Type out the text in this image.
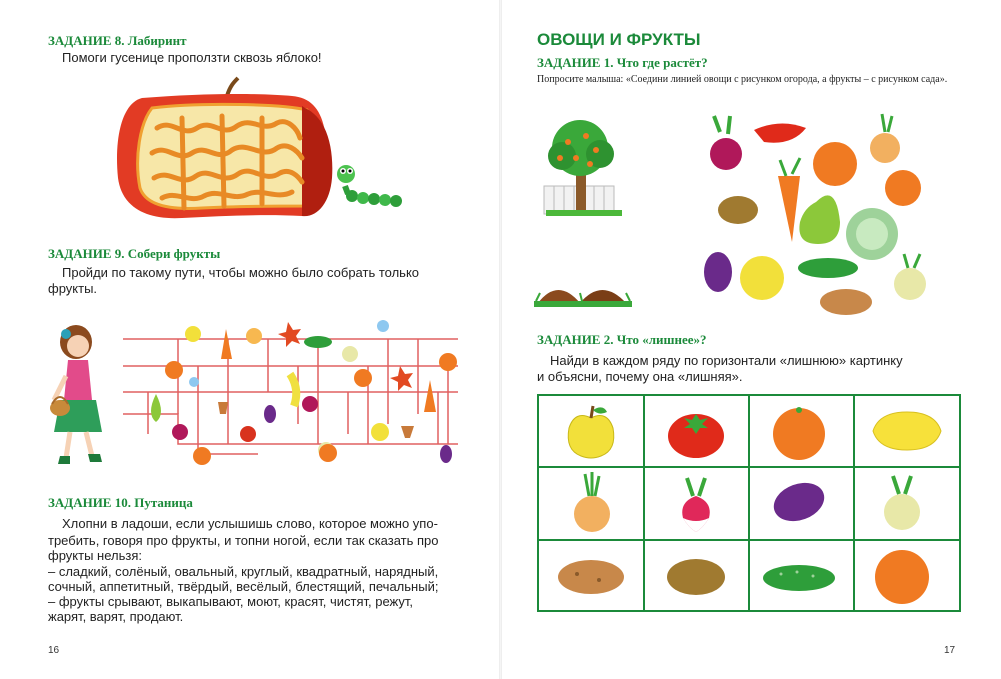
ЗАДАНИЕ 8. Лабиринт
Помоги гусенице проползти сквозь яблоко!
ЗАДАНИЕ 9. Собери фрукты
Пройди по такому пути, чтобы можно было собрать только
фрукты.
ЗАДАНИЕ 10. Путаница
Хлопни в ладоши, если услышишь слово, которое можно упо-
требить, говоря про фрукты, и топни ногой, если так сказать про
фрукты нельзя:
– сладкий, солёный, овальный, круглый, квадратный, нарядный,
сочный, аппетитный, твёрдый, весёлый, блестящий, печальный;
– фрукты срывают, выкапывают, моют, красят, чистят, режут,
жарят, варят, продают.
16
ОВОЩИ И ФРУКТЫ
ЗАДАНИЕ 1. Что где растёт?
Попросите малыша: «Соедини линией овощи с рисунком огорода, а фрукты – с рисунком сада».
ЗАДАНИЕ 2. Что «лишнее»?
Найди в каждом ряду по горизонтали «лишнюю» картинку
и объясни, почему она «лишняя».
17
